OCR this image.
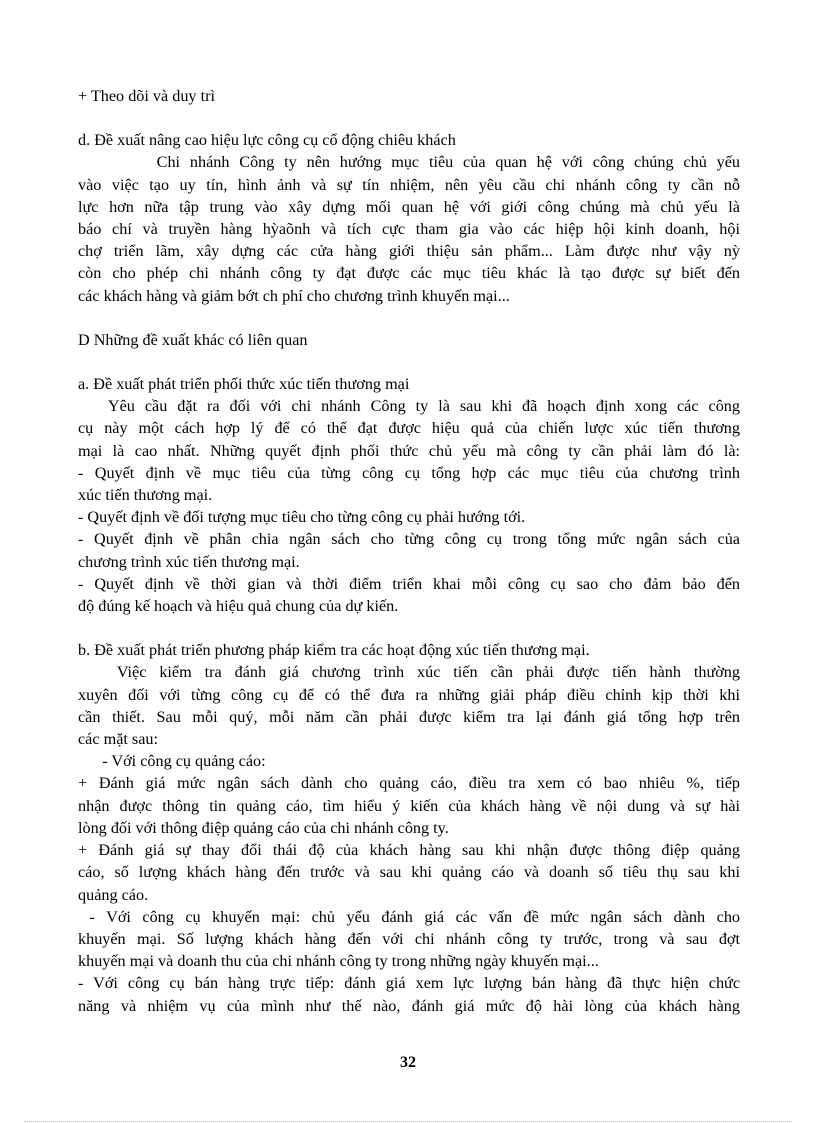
+ Theo dõi và duy trì

d. Đề xuất nâng cao hiệu lực công cụ cổ động chiêu khách

Chi nhánh Công ty nên hướng mục tiêu của quan hệ với công chúng chủ yếu

vào việc tạo uy tín, hình ảnh và sự tín nhiệm, nên yêu cầu chi nhánh công ty cần nỗ

lực hơn nữa tập trung vào xây dựng mối quan hệ với giới công chúng mà chủ yếu là

báo chí và truyền hàng hỳaõnh và tích cực tham gia vào các hiệp hội kinh doanh, hội

chợ triển lãm, xây dựng các cửa hàng giới thiệu sản phẩm... Làm được như vậy nỳ

còn cho phép chi nhánh công ty đạt được các mục tiêu khác là tạo được sự biết đến

các khách hàng và giảm bớt ch phí cho chương trình khuyến mại...

D Những đề xuất khác có liên quan

a. Đề xuất phát triển phối thức xúc tiến thương mại

Yêu cầu đặt ra đối với chi nhánh Công ty là sau khi đã hoạch định xong các công

cụ này một cách hợp lý để có thể đạt được hiệu quả của chiến lược xúc tiến thương

mại là cao nhất. Những quyết định phối thức chủ yếu mà công ty cần phải làm đó là:

- Quyết định về mục tiêu của từng công cụ tổng hợp các mục tiêu của chương trình

xúc tiến thương mại.

- Quyết định về đối tượng mục tiêu cho từng công cụ phải hướng tới.

- Quyết định về phân chia ngân sách cho từng công cụ trong tổng mức ngân sách của

chương trình xúc tiến thương mại.

- Quyết định về thời gian và thời điểm triển khai mỗi công cụ sao cho đảm bảo đến

độ đúng kế hoạch và hiệu quả chung của dự kiến.

b. Đề xuất phát triển phương pháp kiểm tra các hoạt động xúc tiến thương mại.

Việc kiểm tra đánh giá chương trình xúc tiến cần phải được tiến hành thường

xuyên đối với từng công cụ để có thể đưa ra những giải pháp điều chỉnh kịp thời khi

cần thiết. Sau mỗi quý, mỗi năm cần phải được kiểm tra lại đánh giá tổng hợp trên

các mặt sau:

- Với công cụ quảng cáo:

+ Đánh giá mức ngân sách dành cho quảng cáo, điều tra xem có bao nhiêu %, tiếp

nhận được thông tin quảng cáo, tìm hiểu ý kiến của khách hàng về nội dung và sự hài

lòng đối với thông điệp quảng cáo của chi nhánh công ty.

+ Đánh giá sự thay đổi thái độ của khách hàng sau khi nhận được thông điệp quảng

cáo, số lượng khách hàng đến trước và sau khi quảng cáo và doanh số tiêu thụ sau khi

quảng cáo.

- Với công cụ khuyến mại: chủ yếu đánh giá các vấn đề mức ngân sách dành cho

khuyến mại. Số lượng khách hàng đến với chi nhánh công ty trước, trong và sau đợt

khuyến mại và doanh thu của chi nhánh công ty trong những ngày khuyến mại...

- Với công cụ bán hàng trực tiếp: đánh giá xem lực lượng bán hàng đã thực hiện chức

năng và nhiệm vụ của mình như thế nào, đánh giá mức độ hài lòng của khách hàng

32
